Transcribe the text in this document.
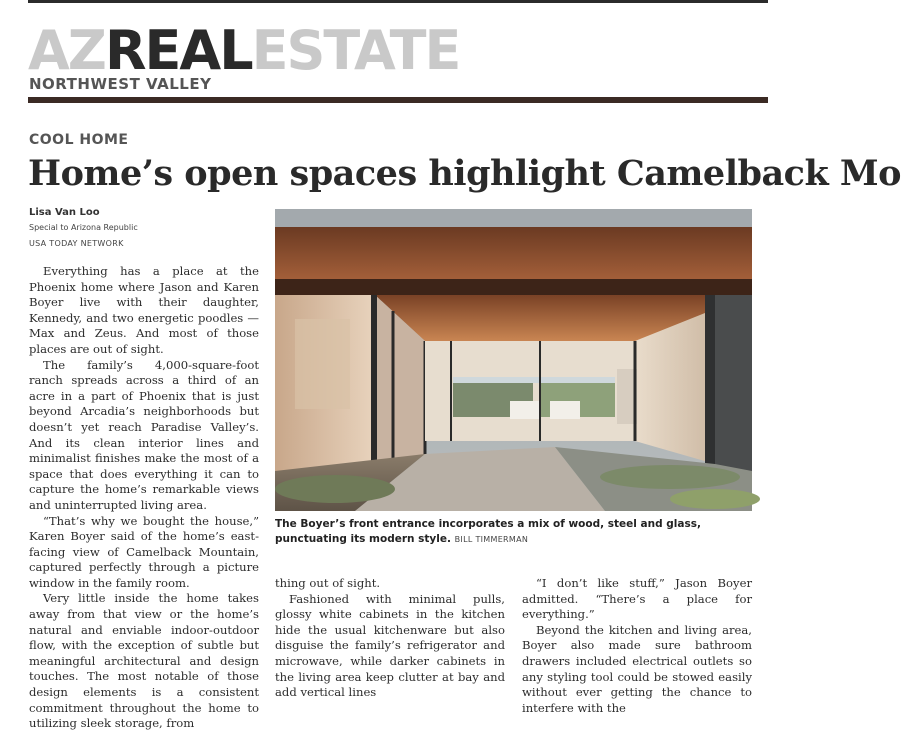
AZREALESTATE
NORTHWEST VALLEY
COOL HOME
Home’s open spaces highlight Camelback Mo
Lisa Van Loo
Special to Arizona Republic
USA TODAY NETWORK

Everything has a place at the Phoenix home where Jason and Karen Boyer live with their daughter, Kennedy, and two energetic poodles — Max and Zeus. And most of those places are out of sight.

The family’s 4,000-square-foot ranch spreads across a third of an acre in a part of Phoenix that is just beyond Arcadia’s neighborhoods but doesn’t yet reach Paradise Valley’s. And its clean interior lines and minimalist finishes make the most of a space that does everything it can to capture the home’s remarkable views and uninterrupted living area.

“That’s why we bought the house,” Karen Boyer said of the home’s east-facing view of Camelback Mountain, captured perfectly through a picture window in the family room.

Very little inside the home takes away from that view or the home’s natural and enviable indoor-outdoor flow, with the exception of subtle but meaningful architectural and design touches. The most notable of those design elements is a consistent commitment throughout the home to utilizing sleek storage, from

The Boyer’s front entrance incorporates a mix of wood, steel and glass, punctuating its modern style. BILL TIMMERMAN

thing out of sight.

Fashioned with minimal pulls, glossy white cabinets in the kitchen hide the usual kitchenware but also disguise the family’s refrigerator and microwave, while darker cabinets in the living area keep clutter at bay and add vertical lines

“I don’t like stuff,” Jason Boyer admitted. “There’s a place for everything.”

Beyond the kitchen and living area, Boyer also made sure bathroom drawers included electrical outlets so any styling tool could be stowed easily without ever getting the chance to interfere with the
